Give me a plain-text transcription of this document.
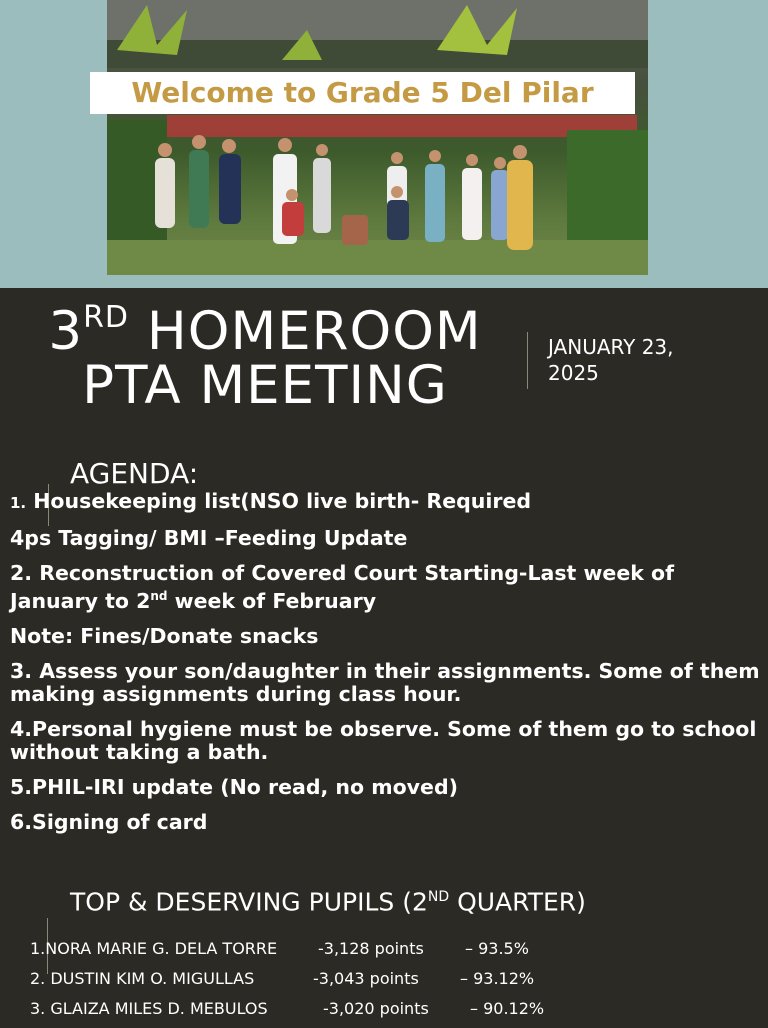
Welcome to Grade 5 Del Pilar
3RD HOMEROOM
PTA MEETING
JANUARY 23,
2025
AGENDA:

1. Housekeeping list(NSO live birth- Required

4ps Tagging/ BMI –Feeding Update

2. Reconstruction of Covered Court Starting-Last week of January to 2nd week of February

Note: Fines/Donate snacks

3. Assess your son/daughter in their assignments. Some of them making assignments during class hour.

4.Personal hygiene must be observe. Some of them go to school without taking a bath.

5.PHIL-IRI update (No read, no moved)

6.Signing of card

TOP & DESERVING PUPILS (2ND QUARTER)
1.NORA MARIE G. DELA TORRE	-3,128 points	– 93.5%
2. DUSTIN KIM O. MIGULLAS	-3,043 points	– 93.12%
3. GLAIZA MILES D. MEBULOS	-3,020 points	– 90.12%
